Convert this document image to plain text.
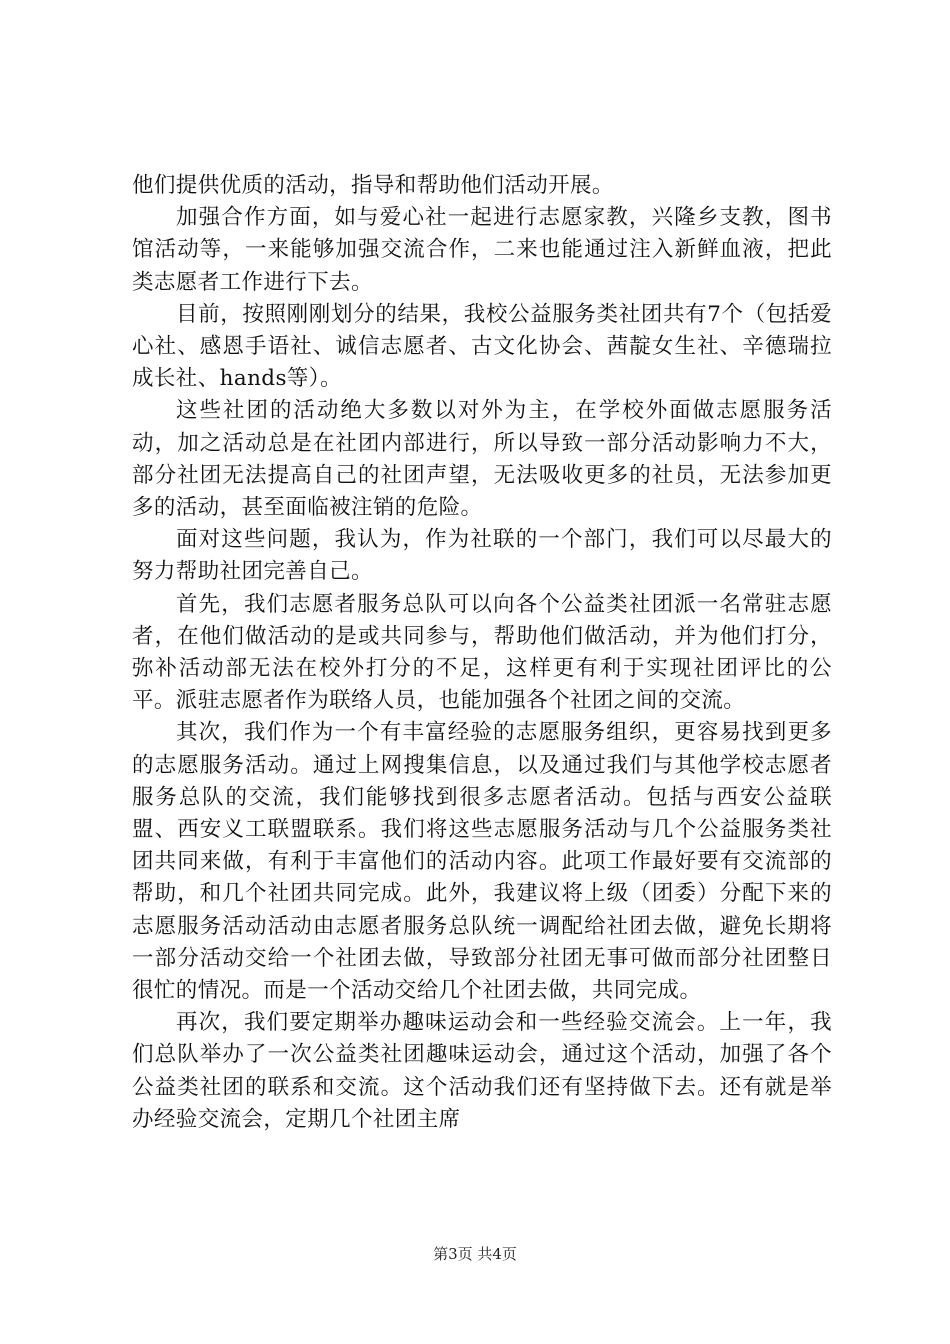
他们提供优质的活动，指导和帮助他们活动开展。

加强合作方面，如与爱心社一起进行志愿家教，兴隆乡支教，图书馆活动等，一来能够加强交流合作，二来也能通过注入新鲜血液，把此类志愿者工作进行下去。

目前，按照刚刚划分的结果，我校公益服务类社团共有7个（包括爱心社、感恩手语社、诚信志愿者、古文化协会、茜靛女生社、辛德瑞拉成长社、hands等）。

这些社团的活动绝大多数以对外为主，在学校外面做志愿服务活动，加之活动总是在社团内部进行，所以导致一部分活动影响力不大，部分社团无法提高自己的社团声望，无法吸收更多的社员，无法参加更多的活动，甚至面临被注销的危险。

面对这些问题，我认为，作为社联的一个部门，我们可以尽最大的努力帮助社团完善自己。

首先，我们志愿者服务总队可以向各个公益类社团派一名常驻志愿者，在他们做活动的是或共同参与，帮助他们做活动，并为他们打分，弥补活动部无法在校外打分的不足，这样更有利于实现社团评比的公平。派驻志愿者作为联络人员，也能加强各个社团之间的交流。

其次，我们作为一个有丰富经验的志愿服务组织，更容易找到更多的志愿服务活动。通过上网搜集信息，以及通过我们与其他学校志愿者服务总队的交流，我们能够找到很多志愿者活动。包括与西安公益联盟、西安义工联盟联系。我们将这些志愿服务活动与几个公益服务类社团共同来做，有利于丰富他们的活动内容。此项工作最好要有交流部的帮助，和几个社团共同完成。此外，我建议将上级（团委）分配下来的志愿服务活动活动由志愿者服务总队统一调配给社团去做，避免长期将一部分活动交给一个社团去做，导致部分社团无事可做而部分社团整日很忙的情况。而是一个活动交给几个社团去做，共同完成。

再次，我们要定期举办趣味运动会和一些经验交流会。上一年，我们总队举办了一次公益类社团趣味运动会，通过这个活动，加强了各个公益类社团的联系和交流。这个活动我们还有坚持做下去。还有就是举办经验交流会，定期几个社团主席

第3页 共4页
